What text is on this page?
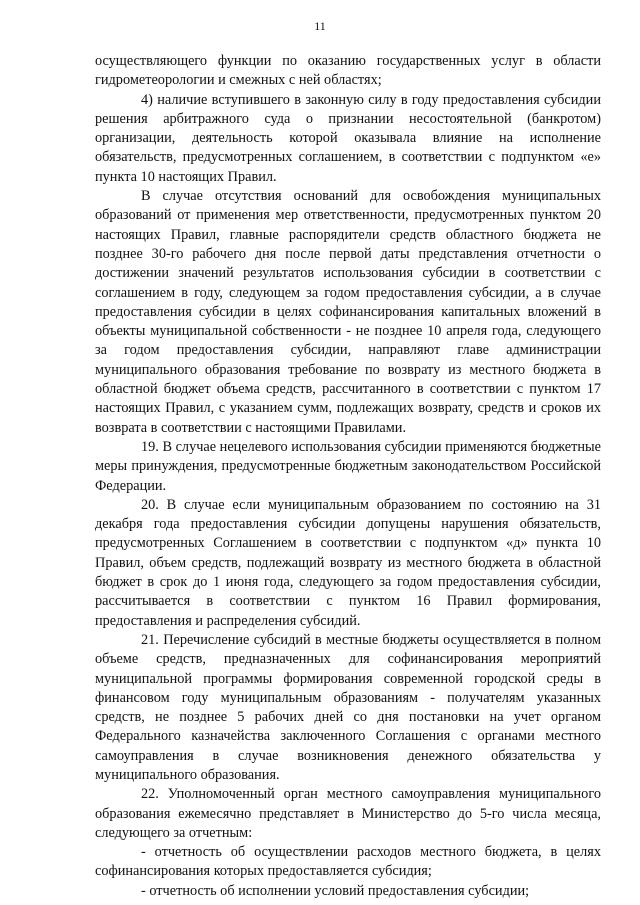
11

осуществляющего функции по оказанию государственных услуг в области гидрометеорологии и смежных с ней областях;

4) наличие вступившего в законную силу в году предоставления субсидии решения арбитражного суда о признании несостоятельной (банкротом) организации, деятельность которой оказывала влияние на исполнение обязательств, предусмотренных соглашением, в соответствии с подпунктом «е» пункта 10 настоящих Правил.

В случае отсутствия оснований для освобождения муниципальных образований от применения мер ответственности, предусмотренных пунктом 20 настоящих Правил, главные распорядители средств областного бюджета не позднее 30-го рабочего дня после первой даты представления отчетности о достижении значений результатов использования субсидии в соответствии с соглашением в году, следующем за годом предоставления субсидии, а в случае предоставления субсидии в целях софинансирования капитальных вложений в объекты муниципальной собственности - не позднее 10 апреля года, следующего за годом предоставления субсидии, направляют главе администрации муниципального образования требование по возврату из местного бюджета в областной бюджет объема средств, рассчитанного в соответствии с пунктом 17 настоящих Правил, с указанием сумм, подлежащих возврату, средств и сроков их возврата в соответствии с настоящими Правилами.

19. В случае нецелевого использования субсидии применяются бюджетные меры принуждения, предусмотренные бюджетным законодательством Российской Федерации.

20. В случае если муниципальным образованием по состоянию на 31 декабря года предоставления субсидии допущены нарушения обязательств, предусмотренных Соглашением в соответствии с подпунктом «д» пункта 10 Правил, объем средств, подлежащий возврату из местного бюджета в областной бюджет в срок до 1 июня года, следующего за годом предоставления субсидии, рассчитывается в соответствии с пунктом 16 Правил формирования, предоставления и распределения субсидий.

21. Перечисление субсидий в местные бюджеты осуществляется в полном объеме средств, предназначенных для софинансирования мероприятий муниципальной программы формирования современной городской среды в финансовом году муниципальным образованиям - получателям указанных средств, не позднее 5 рабочих дней со дня постановки на учет органом Федерального казначейства заключенного Соглашения с органами местного самоуправления в случае возникновения денежного обязательства у муниципального образования.

22. Уполномоченный орган местного самоуправления муниципального образования ежемесячно представляет в Министерство до 5-го числа месяца, следующего за отчетным:

- отчетность об осуществлении расходов местного бюджета, в целях софинансирования которых предоставляется субсидия;

- отчетность об исполнении условий предоставления субсидии;
